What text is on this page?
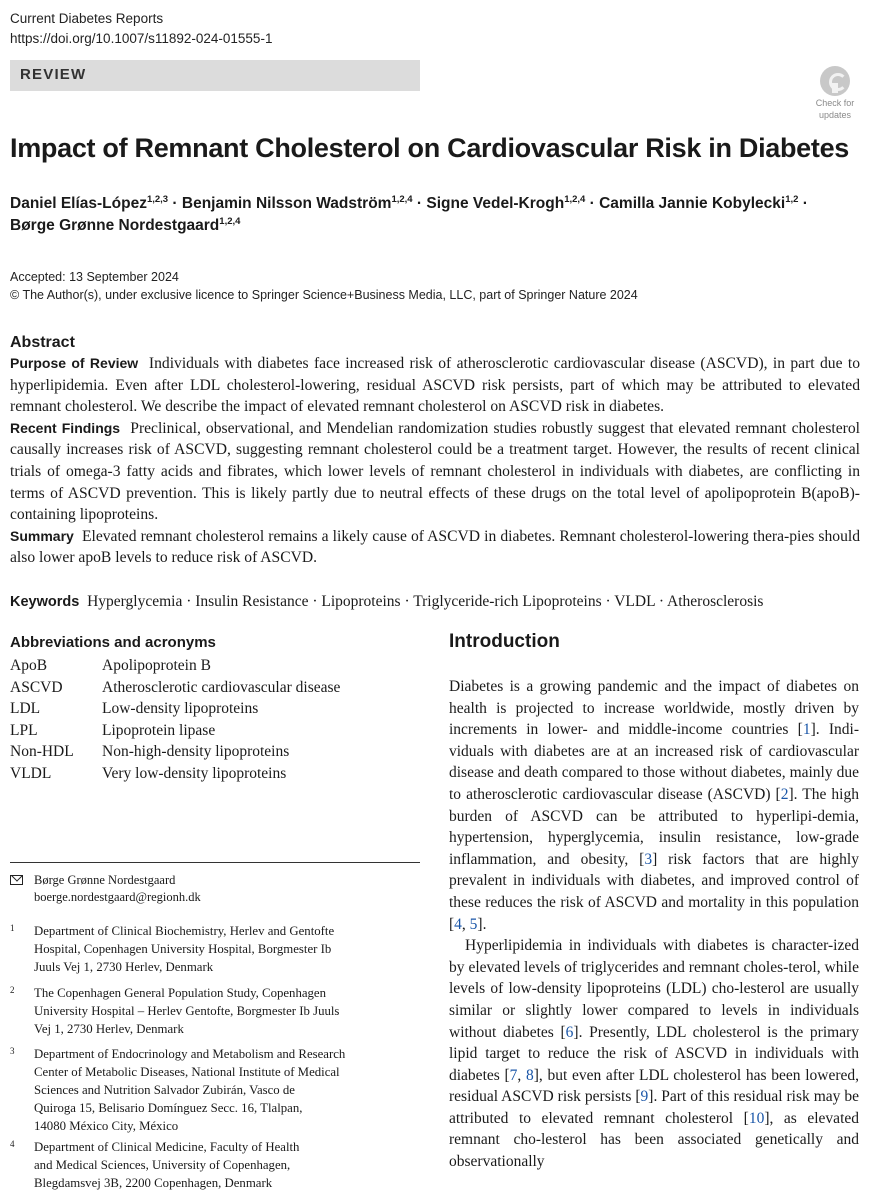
Current Diabetes Reports
https://doi.org/10.1007/s11892-024-01555-1
REVIEW
Check for
updates
Impact of Remnant Cholesterol on Cardiovascular Risk in Diabetes
Daniel Elías-López$^{1,2,3}$ · Benjamin Nilsson Wadström$^{1,2,4}$ · Signe Vedel-Krogh$^{1,2,4}$ · Camilla Jannie Kobylecki$^{1,2}$ ·
Børge Grønne Nordestgaard$^{1,2,4}$
Accepted: 13 September 2024
© The Author(s), under exclusive licence to Springer Science+Business Media, LLC, part of Springer Nature 2024
Abstract

Purpose of Review Individuals with diabetes face increased risk of atherosclerotic cardiovascular disease (ASCVD), in part due to hyperlipidemia. Even after LDL cholesterol-lowering, residual ASCVD risk persists, part of which may be attributed to elevated remnant cholesterol. We describe the impact of elevated remnant cholesterol on ASCVD risk in diabetes.

Recent Findings Preclinical, observational, and Mendelian randomization studies robustly suggest that elevated remnant cholesterol causally increases risk of ASCVD, suggesting remnant cholesterol could be a treatment target. However, the results of recent clinical trials of omega-3 fatty acids and fibrates, which lower levels of remnant cholesterol in individuals with diabetes, are conflicting in terms of ASCVD prevention. This is likely partly due to neutral effects of these drugs on the total level of apolipoprotein B(apoB)-containing lipoproteins.

Summary Elevated remnant cholesterol remains a likely cause of ASCVD in diabetes. Remnant cholesterol-lowering thera-pies should also lower apoB levels to reduce risk of ASCVD.

Keywords Hyperglycemia · Insulin Resistance · Lipoproteins · Triglyceride-rich Lipoproteins · VLDL · Atherosclerosis
Abbreviations and acronyms
ApoB	Apolipoprotein B
ASCVD	Atherosclerotic cardiovascular disease
LDL	Low-density lipoproteins
LPL	Lipoprotein lipase
Non-HDL	Non-high-density lipoproteins
VLDL	Very low-density lipoproteins
Børge Grønne Nordestgaard
boerge.nordestgaard@regionh.dk
1 Department of Clinical Biochemistry, Herlev and Gentofte
Hospital, Copenhagen University Hospital, Borgmester Ib
Juuls Vej 1, 2730 Herlev, Denmark
2 The Copenhagen General Population Study, Copenhagen
University Hospital – Herlev Gentofte, Borgmester Ib Juuls
Vej 1, 2730 Herlev, Denmark
3 Department of Endocrinology and Metabolism and Research
Center of Metabolic Diseases, National Institute of Medical
Sciences and Nutrition Salvador Zubirán, Vasco de
Quiroga 15, Belisario Domínguez Secc. 16, Tlalpan,
14080 México City, México
4 Department of Clinical Medicine, Faculty of Health
and Medical Sciences, University of Copenhagen,
Blegdamsvej 3B, 2200 Copenhagen, Denmark
Introduction

Diabetes is a growing pandemic and the impact of diabetes on health is projected to increase worldwide, mostly driven by increments in lower- and middle-income countries [1]. Indi-viduals with diabetes are at an increased risk of cardiovascular disease and death compared to those without diabetes, mainly due to atherosclerotic cardiovascular disease (ASCVD) [2]. The high burden of ASCVD can be attributed to hyperlipi-demia, hypertension, hyperglycemia, insulin resistance, low-grade inflammation, and obesity, [3] risk factors that are highly prevalent in individuals with diabetes, and improved control of these reduces the risk of ASCVD and mortality in this population [4, 5].

Hyperlipidemia in individuals with diabetes is character-ized by elevated levels of triglycerides and remnant choles-terol, while levels of low-density lipoproteins (LDL) cho-lesterol are usually similar or slightly lower compared to levels in individuals without diabetes [6]. Presently, LDL cholesterol is the primary lipid target to reduce the risk of ASCVD in individuals with diabetes [7, 8], but even after LDL cholesterol has been lowered, residual ASCVD risk persists [9]. Part of this residual risk may be attributed to elevated remnant cholesterol [10], as elevated remnant cho-lesterol has been associated genetically and observationally
